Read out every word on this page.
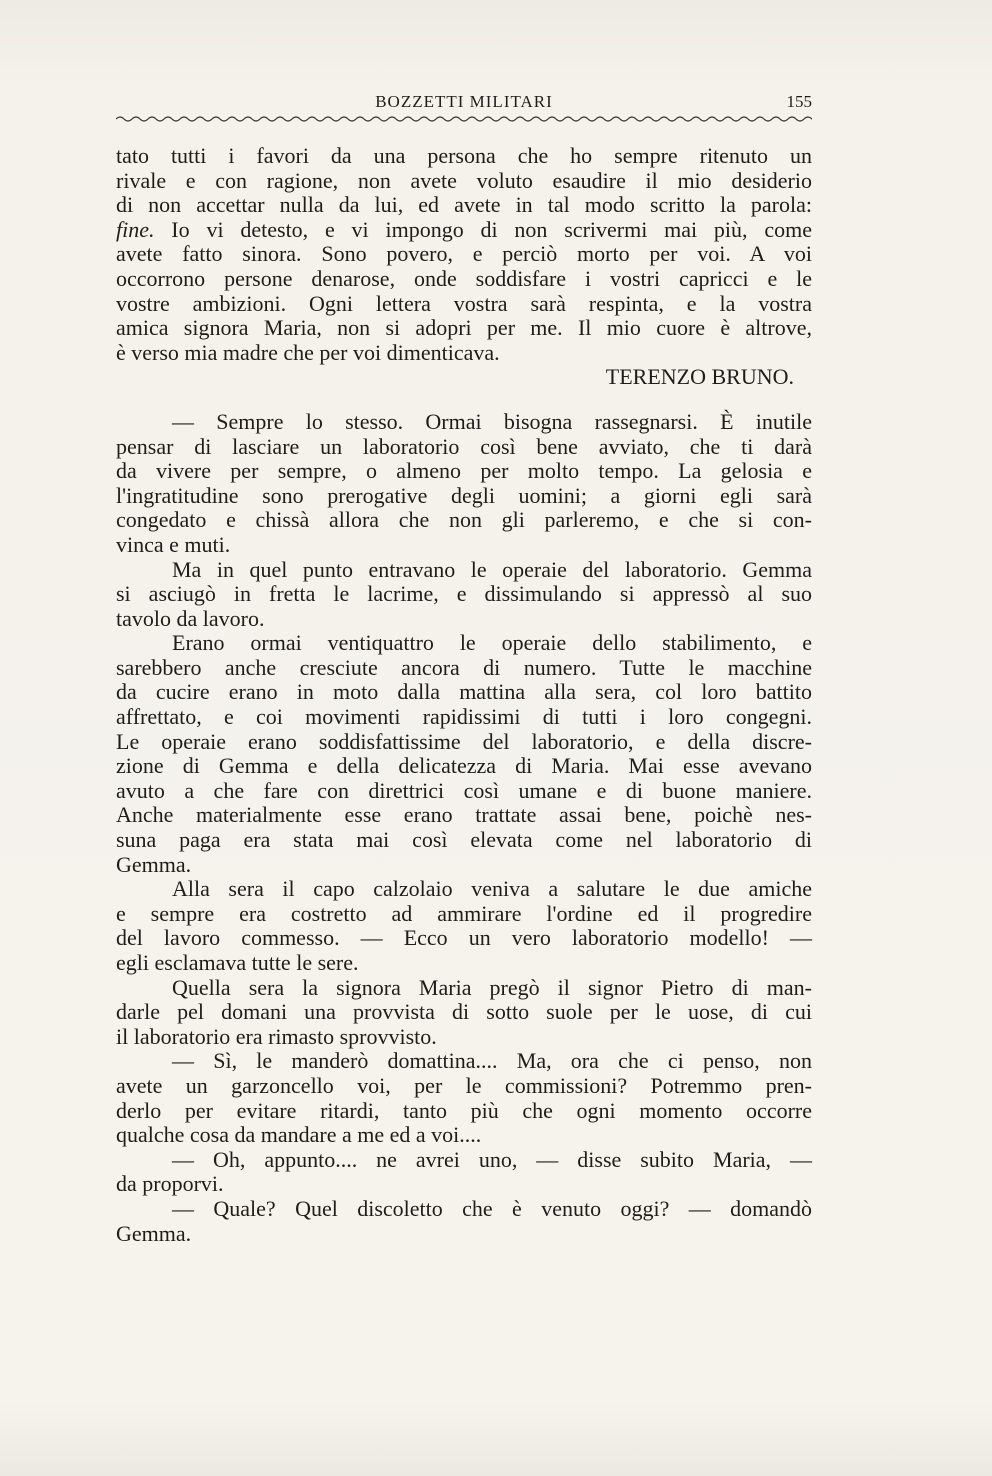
BOZZETTI MILITARI	155
tato tutti i favori da una persona che ho sempre ritenuto un
rivale e con ragione, non avete voluto esaudire il mio desiderio
di non accettar nulla da lui, ed avete in tal modo scritto la parola:
fine. Io vi detesto, e vi impongo di non scrivermi mai più, come
avete fatto sinora. Sono povero, e perciò morto per voi. A voi
occorrono persone denarose, onde soddisfare i vostri capricci e le
vostre ambizioni. Ogni lettera vostra sarà respinta, e la vostra
amica signora Maria, non si adopri per me. Il mio cuore è altrove,
è verso mia madre che per voi dimenticava.
TERENZO BRUNO.
— Sempre lo stesso. Ormai bisogna rassegnarsi. È inutile
pensar di lasciare un laboratorio così bene avviato, che ti darà
da vivere per sempre, o almeno per molto tempo. La gelosia e
l'ingratitudine sono prerogative degli uomini; a giorni egli sarà
congedato e chissà allora che non gli parleremo, e che si con-
vinca e muti.
Ma in quel punto entravano le operaie del laboratorio. Gemma
si asciugò in fretta le lacrime, e dissimulando si appressò al suo
tavolo da lavoro.
Erano ormai ventiquattro le operaie dello stabilimento, e
sarebbero anche cresciute ancora di numero. Tutte le macchine
da cucire erano in moto dalla mattina alla sera, col loro battito
affrettato, e coi movimenti rapidissimi di tutti i loro congegni.
Le operaie erano soddisfattissime del laboratorio, e della discre-
zione di Gemma e della delicatezza di Maria. Mai esse avevano
avuto a che fare con direttrici così umane e di buone maniere.
Anche materialmente esse erano trattate assai bene, poichè nes-
suna paga era stata mai così elevata come nel laboratorio di
Gemma.
Alla sera il capo calzolaio veniva a salutare le due amiche
e sempre era costretto ad ammirare l'ordine ed il progredire
del lavoro commesso. — Ecco un vero laboratorio modello! —
egli esclamava tutte le sere.
Quella sera la signora Maria pregò il signor Pietro di man-
darle pel domani una provvista di sotto suole per le uose, di cui
il laboratorio era rimasto sprovvisto.
— Sì, le manderò domattina.... Ma, ora che ci penso, non
avete un garzoncello voi, per le commissioni? Potremmo pren-
derlo per evitare ritardi, tanto più che ogni momento occorre
qualche cosa da mandare a me ed a voi....
— Oh, appunto.... ne avrei uno, — disse subito Maria, —
da proporvi.
— Quale? Quel discoletto che è venuto oggi? — domandò
Gemma.
